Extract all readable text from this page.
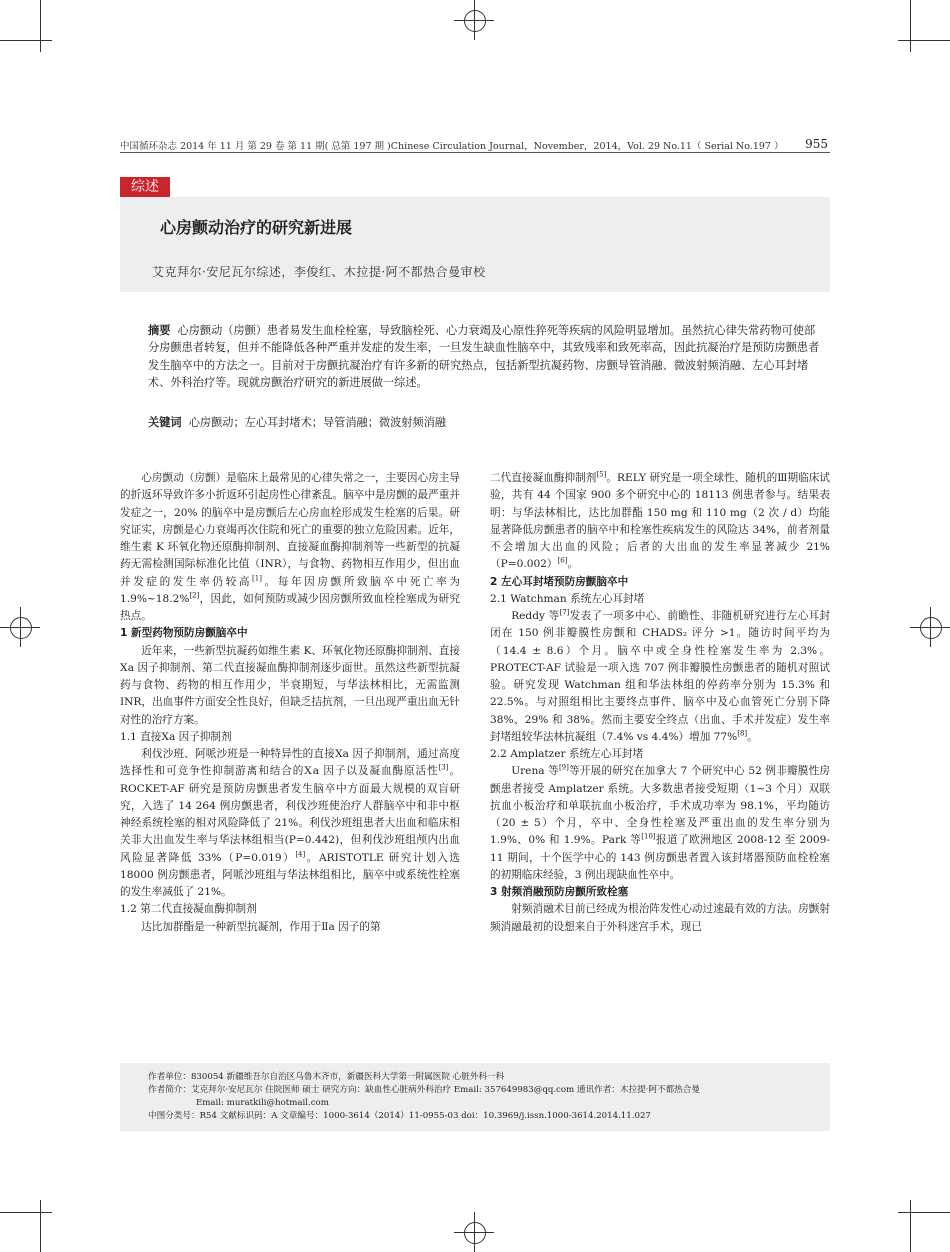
中国循环杂志 2014 年 11 月 第 29 卷 第 11 期( 总第 197 期 )Chinese Circulation Journal，November，2014，Vol. 29 No.11（ Serial No.197 ）	955
综述
心房颤动治疗的研究新进展
艾克拜尔·安尼瓦尔综述，李俊红、木拉提·阿不都热合曼审校
摘要 心房颤动（房颤）患者易发生血栓栓塞，导致脑栓死、心力衰竭及心原性猝死等疾病的风险明显增加。虽然抗心律失常药物可使部分房颤患者转复，但并不能降低各种严重并发症的发生率，一旦发生缺血性脑卒中，其致残率和致死率高，因此抗凝治疗是预防房颤患者发生脑卒中的方法之一。目前对于房颤抗凝治疗有许多新的研究热点，包括新型抗凝药物、房颤导管消融、微波射频消融、左心耳封堵术、外科治疗等。现就房颤治疗研究的新进展做一综述。
关键词 心房颤动；左心耳封堵术；导管消融；微波射频消融

心房颤动（房颤）是临床上最常见的心律失常之一，主要因心房主导的折返环导致许多小折返环引起房性心律紊乱。脑卒中是房颤的最严重并发症之一，20% 的脑卒中是房颤后左心房血栓形成发生栓塞的后果。研究证实，房颤是心力衰竭再次住院和死亡的重要的独立危险因素。近年，维生素 K 环氧化物还原酶抑制剂、直接凝血酶抑制剂等一些新型的抗凝药无需检测国际标准化比值（INR），与食物、药物相互作用少，但出血并发症的发生率仍较高[1]。每年因房颤所致脑卒中死亡率为 1.9%~18.2%[2]，因此，如何预防或减少因房颤所致血栓栓塞成为研究热点。

1 新型药物预防房颤脑卒中

近年来，一些新型抗凝药如维生素 K、环氧化物还原酶抑制剂、直接Ⅹa 因子抑制剂、第二代直接凝血酶抑制剂逐步面世。虽然这些新型抗凝药与食物、药物的相互作用少，半衰期短，与华法林相比，无需监测 INR，出血事件方面安全性良好，但缺乏拮抗剂，一旦出现严重出血无针对性的治疗方案。

1.1 直接Ⅹa 因子抑制剂

利伐沙班、阿哌沙班是一种特异性的直接Ⅹa 因子抑制剂，通过高度选择性和可竞争性抑制游离和结合的Ⅹa 因子以及凝血酶原活性[3]。ROCKET-AF 研究是预防房颤患者发生脑卒中方面最大规模的双盲研究，入选了 14 264 例房颤患者，利伐沙班使治疗人群脑卒中和非中枢神经系统栓塞的相对风险降低了 21%。利伐沙班组患者大出血和临床相关非大出血发生率与华法林组相当(P=0.442)，但利伐沙班组颅内出血风险显著降低 33%（P=0.019）[4]。ARISTOTLE 研究计划入选 18000 例房颤患者，阿哌沙班组与华法林组相比，脑卒中或系统性栓塞的发生率减低了 21%。

1.2 第二代直接凝血酶抑制剂

达比加群酯是一种新型抗凝剂，作用于Ⅱa 因子的第

二代直接凝血酶抑制剂[5]。RELY 研究是一项全球性、随机的Ⅲ期临床试验，共有 44 个国家 900 多个研究中心的 18113 例患者参与。结果表明：与华法林相比，达比加群酯 150 mg 和 110 mg（2 次 / d）均能显著降低房颤患者的脑卒中和栓塞性疾病发生的风险达 34%，前者剂量不会增加大出血的风险；后者的大出血的发生率显著减少 21%（P=0.002）[6]。

2 左心耳封堵预防房颤脑卒中
2.1 Watchman 系统左心耳封堵

Reddy 等[7]发表了一项多中心、前瞻性、非随机研究进行左心耳封闭在 150 例非瓣膜性房颤和 CHADS₂ 评分 >1。随访时间平均为（14.4 ± 8.6）个月。脑卒中或全身性栓塞发生率为 2.3%。PROTECT-AF 试验是一项入选 707 例非瓣膜性房颤患者的随机对照试验。研究发现 Watchman 组和华法林组的停药率分别为 15.3% 和 22.5%。与对照组相比主要终点事件、脑卒中及心血管死亡分别下降 38%、29% 和 38%。然而主要安全终点（出血、手术并发症）发生率封堵组较华法林抗凝组（7.4% vs 4.4%）增加 77%[8]。

2.2 Amplatzer 系统左心耳封堵

Urena 等[9]等开展的研究在加拿大 7 个研究中心 52 例非瓣膜性房颤患者接受 Amplatzer 系统。大多数患者接受短期（1~3 个月）双联抗血小板治疗和单联抗血小板治疗，手术成功率为 98.1%，平均随访（20 ± 5）个月，卒中、全身性栓塞及严重出血的发生率分别为 1.9%、0% 和 1.9%。Park 等[10]报道了欧洲地区 2008-12 至 2009-11 期间，十个医学中心的 143 例房颤患者置入该封堵器预防血栓栓塞的初期临床经验，3 例出现缺血性卒中。

3 射频消融预防房颤所致栓塞

射频消融术目前已经成为根治阵发性心动过速最有效的方法。房颤射频消融最初的设想来自于外科迷宫手术，现已

作者单位：830054 新疆维吾尔自治区乌鲁木齐市，新疆医科大学第一附属医院 心脏外科一科
作者简介：艾克拜尔·安尼瓦尔 住院医师 硕士 研究方向：缺血性心脏病外科治疗 Email: 357649983@qq.com 通讯作者：木拉提·阿不都热合曼
Email: muratkili@hotmail.com
中图分类号：R54 文献标识码：A 文章编号：1000-3614（2014）11-0955-03 doi：10.3969/j.issn.1000-3614.2014.11.027
